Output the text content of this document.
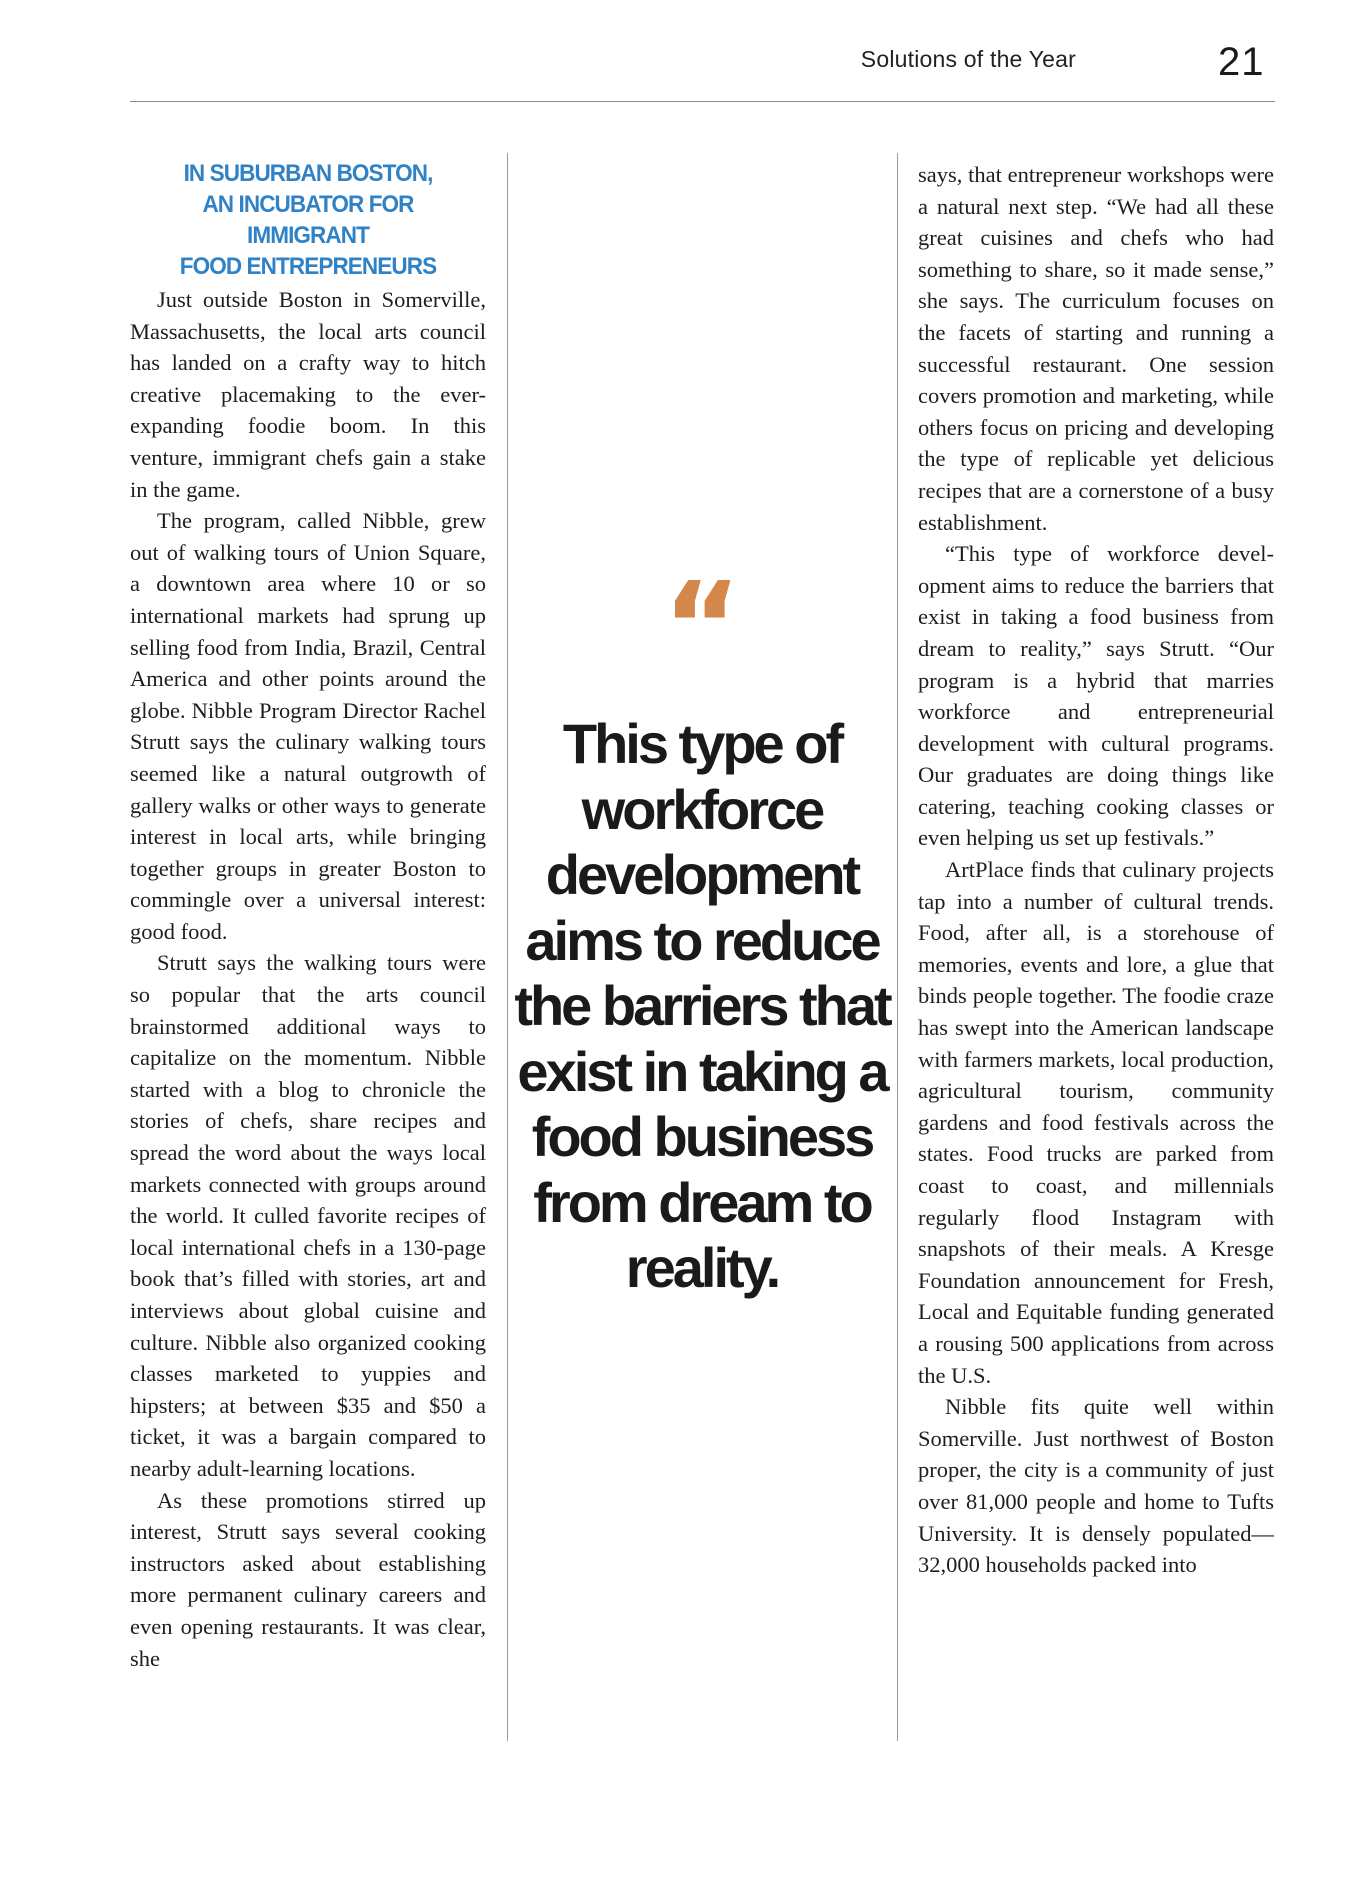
Solutions of the Year	21
IN SUBURBAN BOSTON,
AN INCUBATOR FOR
IMMIGRANT
FOOD ENTREPRENEURS

Just outside Boston in Somerville, Massachusetts, the local arts council has landed on a crafty way to hitch creative placemaking to the ever-expanding foodie boom. In this venture, immigrant chefs gain a stake in the game.

The program, called Nibble, grew out of walking tours of Union Square, a downtown area where 10 or so international markets had sprung up selling food from India, Brazil, Central America and other points around the globe. Nibble Program Director Rachel Strutt says the culinary walking tours seemed like a natural outgrowth of gallery walks or other ways to generate interest in local arts, while bringing together groups in greater Boston to commingle over a universal interest: good food.

Strutt says the walking tours were so popular that the arts council brainstormed additional ways to capitalize on the momentum. Nibble started with a blog to chronicle the stories of chefs, share recipes and spread the word about the ways local markets connected with groups around the world. It culled favorite recipes of local international chefs in a 130-page book that’s filled with stories, art and interviews about global cuisine and culture. Nibble also organized cooking classes marketed to yuppies and hipsters; at between $35 and $50 a ticket, it was a bargain compared to nearby adult-learning locations.

As these promotions stirred up interest, Strutt says several cooking instructors asked about establishing more permanent culinary careers and even opening restaurants. It was clear, she

“
This type of
workforce
development
aims to reduce
the barriers that
exist in taking a
food business
from dream to
reality.

says, that entrepreneur workshops were a natural next step. “We had all these great cuisines and chefs who had something to share, so it made sense,” she says. The curriculum focuses on the facets of starting and running a successful restaurant. One session covers promotion and marketing, while others focus on pricing and developing the type of replicable yet delicious recipes that are a cornerstone of a busy establishment.

“This type of workforce development aims to reduce the barriers that exist in taking a food business from dream to reality,” says Strutt. “Our program is a hybrid that marries workforce and entrepreneurial development with cultural programs. Our graduates are doing things like catering, teaching cooking classes or even helping us set up festivals.”

ArtPlace finds that culinary projects tap into a number of cultural trends. Food, after all, is a storehouse of memories, events and lore, a glue that binds people together. The foodie craze has swept into the American landscape with farmers markets, local production, agricultural tourism, community gardens and food festivals across the states. Food trucks are parked from coast to coast, and millennials regularly flood Instagram with snapshots of their meals. A Kresge Foundation announcement for Fresh, Local and Equitable funding generated a rousing 500 applications from across the U.S.

Nibble fits quite well within Somerville. Just northwest of Boston proper, the city is a community of just over 81,000 people and home to Tufts University. It is densely populated— 32,000 households packed into
